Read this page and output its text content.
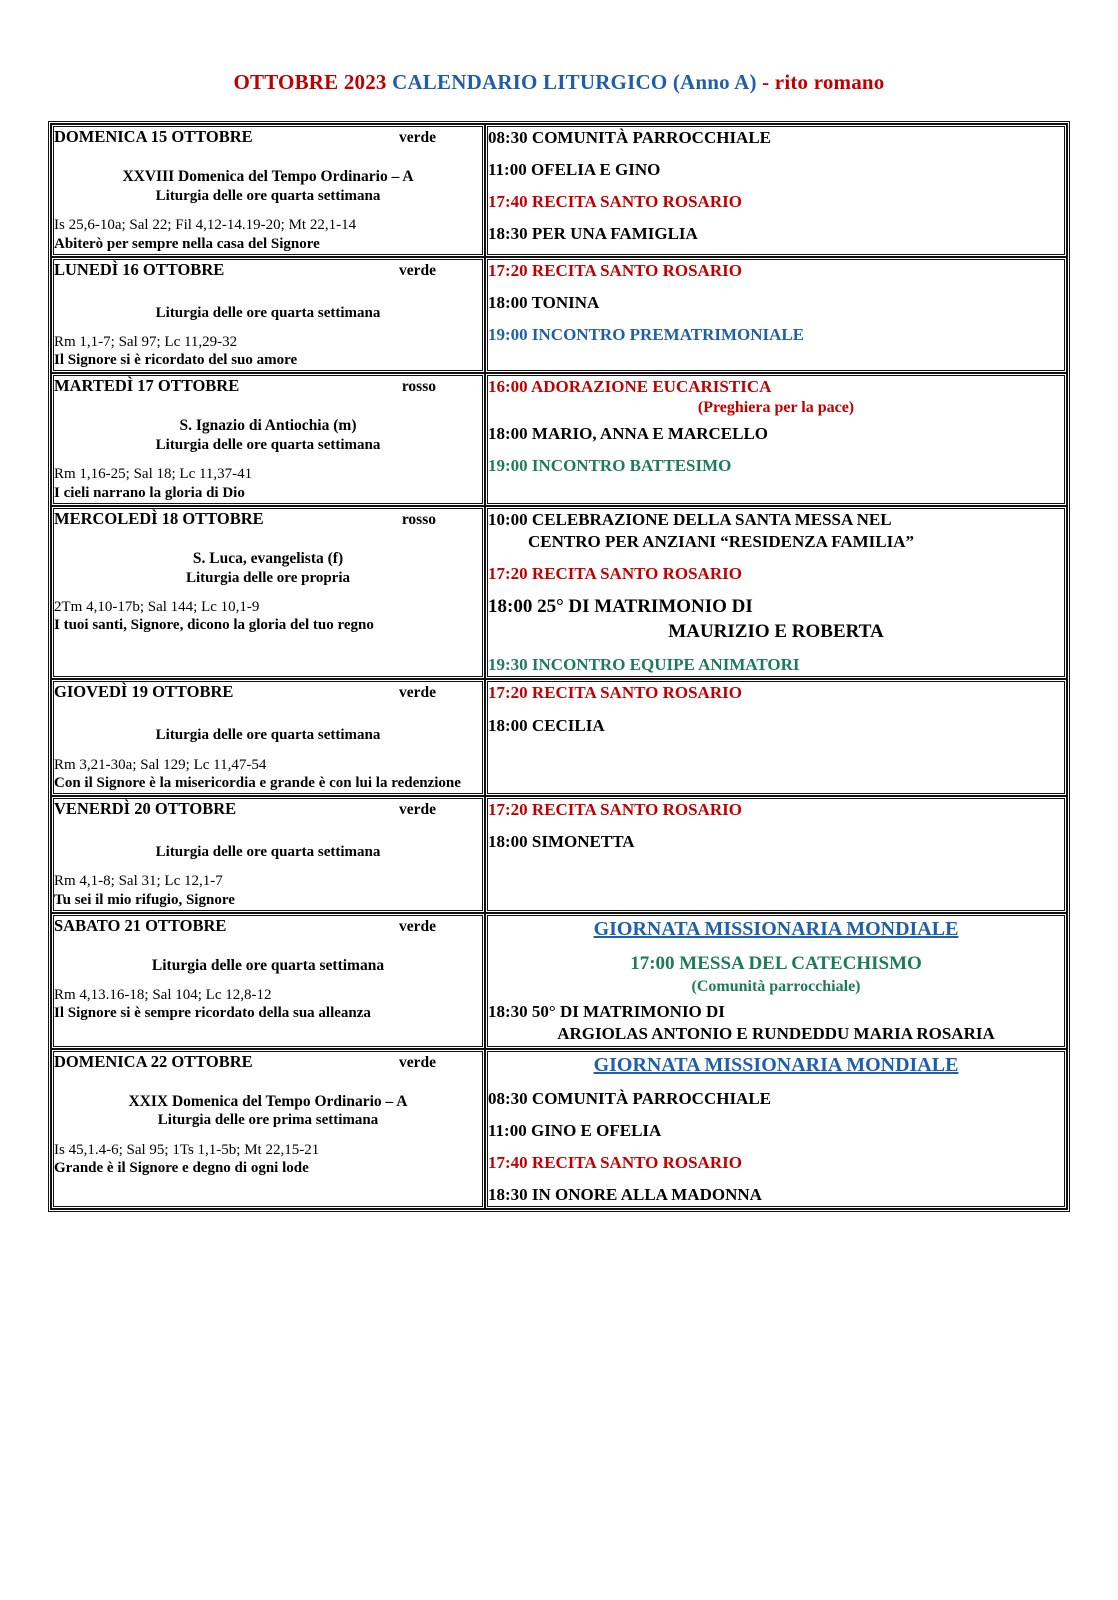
OTTOBRE 2023 CALENDARIO LITURGICO (Anno A) - rito romano
DOMENICA 15 OTTOBRE	verde
XXVIII Domenica del Tempo Ordinario – A
Liturgia delle ore quarta settimana
Is 25,6-10a; Sal 22; Fil 4,12-14.19-20; Mt 22,1-14
Abiterò per sempre nella casa del Signore

08:30 COMUNITÀ PARROCCHIALE
11:00 OFELIA E GINO
17:40 RECITA SANTO ROSARIO
18:30 PER UNA FAMIGLIA

LUNEDÌ 16 OTTOBRE	verde
Liturgia delle ore quarta settimana
Rm 1,1-7; Sal 97; Lc 11,29-32
Il Signore si è ricordato del suo amore

17:20 RECITA SANTO ROSARIO
18:00 TONINA
19:00 INCONTRO PREMATRIMONIALE

MARTEDÌ 17 OTTOBRE	rosso
S. Ignazio di Antiochia (m)
Liturgia delle ore quarta settimana
Rm 1,16-25; Sal 18; Lc 11,37-41
I cieli narrano la gloria di Dio

16:00 ADORAZIONE EUCARISTICA
(Preghiera per la pace)
18:00 MARIO, ANNA E MARCELLO
19:00 INCONTRO BATTESIMO

MERCOLEDÌ 18 OTTOBRE	rosso
S. Luca, evangelista (f)
Liturgia delle ore propria
2Tm 4,10-17b; Sal 144; Lc 10,1-9
I tuoi santi, Signore, dicono la gloria del tuo regno

10:00 CELEBRAZIONE DELLA SANTA MESSA NEL
CENTRO PER ANZIANI “RESIDENZA FAMILIA”
17:20 RECITA SANTO ROSARIO
18:00 25° DI MATRIMONIO DI
MAURIZIO E ROBERTA
19:30 INCONTRO EQUIPE ANIMATORI

GIOVEDÌ 19 OTTOBRE	verde
Liturgia delle ore quarta settimana
Rm 3,21-30a; Sal 129; Lc 11,47-54
Con il Signore è la misericordia e grande è con lui la redenzione

17:20 RECITA SANTO ROSARIO
18:00 CECILIA

VENERDÌ 20 OTTOBRE	verde
Liturgia delle ore quarta settimana
Rm 4,1-8; Sal 31; Lc 12,1-7
Tu sei il mio rifugio, Signore

17:20 RECITA SANTO ROSARIO
18:00 SIMONETTA

SABATO 21 OTTOBRE	verde
Liturgia delle ore quarta settimana
Rm 4,13.16-18; Sal 104; Lc 12,8-12
Il Signore si è sempre ricordato della sua alleanza

GIORNATA MISSIONARIA MONDIALE
17:00 MESSA DEL CATECHISMO
(Comunità parrocchiale)
18:30 50° DI MATRIMONIO DI
ARGIOLAS ANTONIO E RUNDEDDU MARIA ROSARIA

DOMENICA 22 OTTOBRE	verde
XXIX Domenica del Tempo Ordinario – A
Liturgia delle ore prima settimana
Is 45,1.4-6; Sal 95; 1Ts 1,1-5b; Mt 22,15-21
Grande è il Signore e degno di ogni lode

GIORNATA MISSIONARIA MONDIALE
08:30 COMUNITÀ PARROCCHIALE
11:00 GINO E OFELIA
17:40 RECITA SANTO ROSARIO
18:30 IN ONORE ALLA MADONNA
